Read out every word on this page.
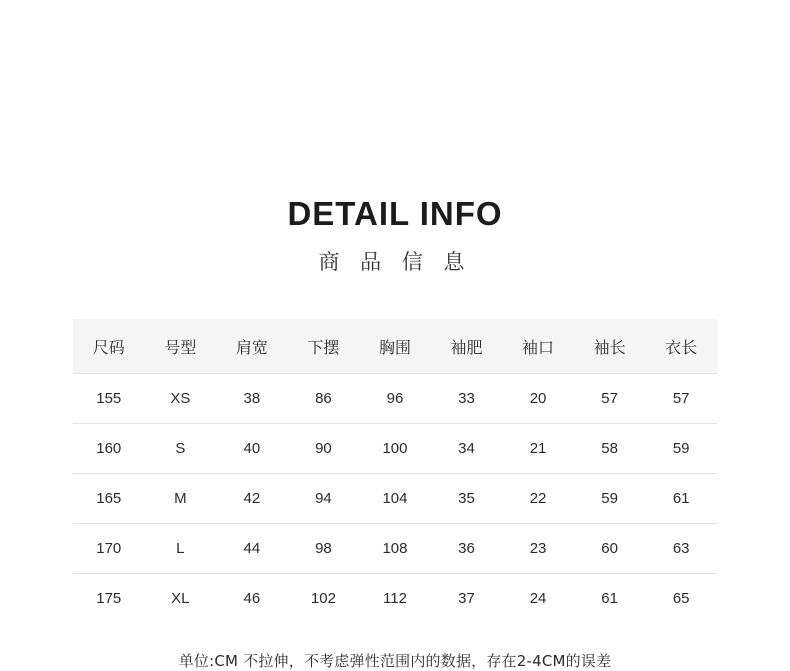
DETAIL INFO
商 品 信 息
尺码	号型	肩宽	下摆	胸围	袖肥	袖口	袖长	衣长
155	XS	38	86	96	33	20	57	57
160	S	40	90	100	34	21	58	59
165	M	42	94	104	35	22	59	61
170	L	44	98	108	36	23	60	63
175	XL	46	102	112	37	24	61	65
单位:CM 不拉伸，不考虑弹性范围内的数据，存在2-4CM的误差
